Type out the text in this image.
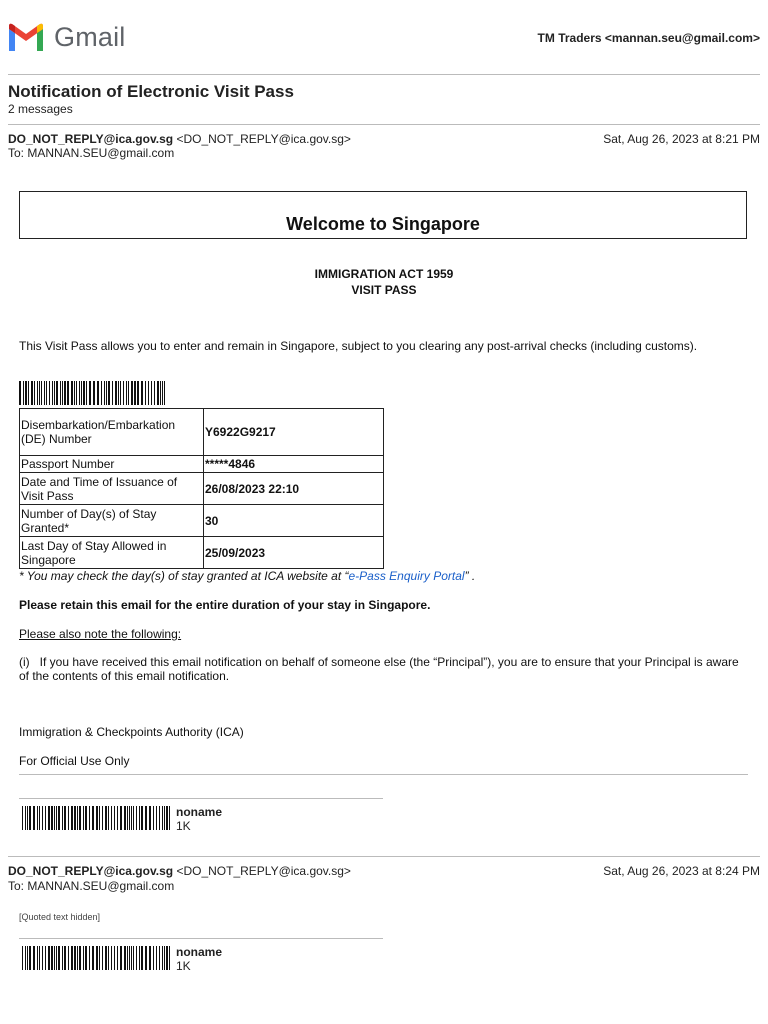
Gmail	TM Traders <mannan.seu@gmail.com>
Notification of Electronic Visit Pass
2 messages
DO_NOT_REPLY@ica.gov.sg <DO_NOT_REPLY@ica.gov.sg>	Sat, Aug 26, 2023 at 8:21 PM
To: MANNAN.SEU@gmail.com
Welcome to Singapore
IMMIGRATION ACT 1959
VISIT PASS
This Visit Pass allows you to enter and remain in Singapore, subject to you clearing any post-arrival checks (including customs).
Disembarkation/Embarkation (DE) Number	Y6922G9217
Passport Number	*****4846
Date and Time of Issuance of Visit Pass	26/08/2023 22:10
Number of Day(s) of Stay Granted*	30
Last Day of Stay Allowed in Singapore	25/09/2023
* You may check the day(s) of stay granted at ICA website at “e-Pass Enquiry Portal” .
Please retain this email for the entire duration of your stay in Singapore.
Please also note the following:
(i)   If you have received this email notification on behalf of someone else (the “Principal”), you are to ensure that your Principal is aware of the contents of this email notification.
Immigration & Checkpoints Authority (ICA)
For Official Use Only
noname
1K
DO_NOT_REPLY@ica.gov.sg <DO_NOT_REPLY@ica.gov.sg>	Sat, Aug 26, 2023 at 8:24 PM
To: MANNAN.SEU@gmail.com
[Quoted text hidden]
noname
1K
